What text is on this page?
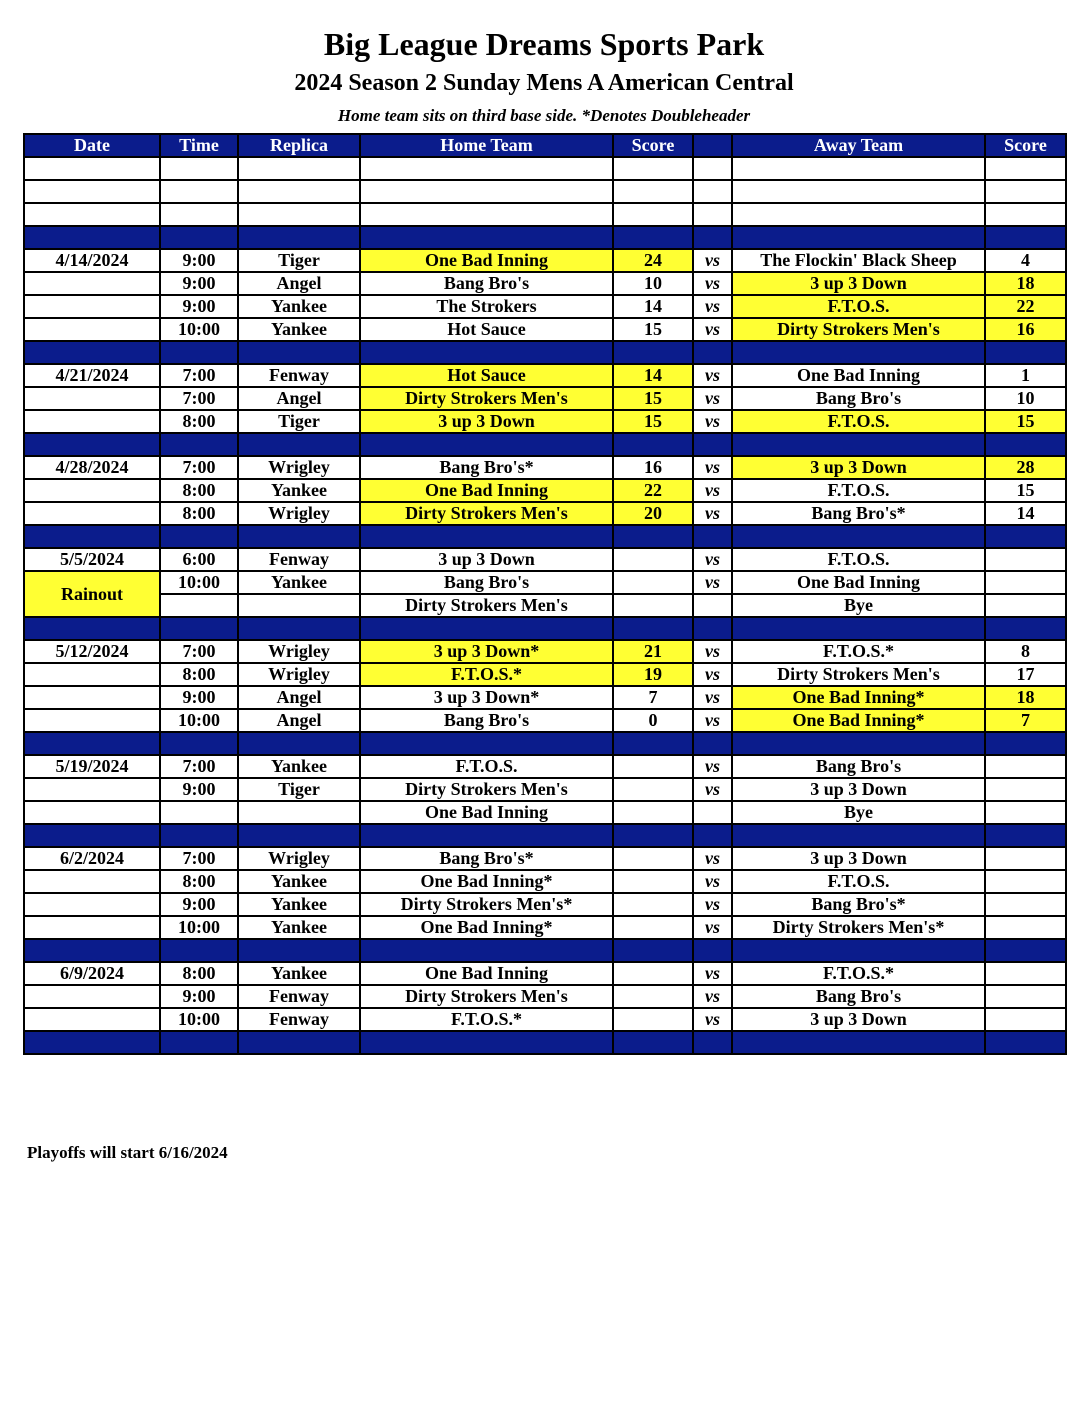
Big League Dreams Sports Park
2024 Season 2 Sunday Mens A American Central
Home team sits on third base side. *Denotes Doubleheader
Date	Time	Replica	Home Team	Score		Away Team	Score

4/14/2024	9:00	Tiger	One Bad Inning	24	vs	The Flockin' Black Sheep	4
	9:00	Angel	Bang Bro's	10	vs	3 up 3 Down	18
	9:00	Yankee	The Strokers	14	vs	F.T.O.S.	22
	10:00	Yankee	Hot Sauce	15	vs	Dirty Strokers Men's	16

4/21/2024	7:00	Fenway	Hot Sauce	14	vs	One Bad Inning	1
	7:00	Angel	Dirty Strokers Men's	15	vs	Bang Bro's	10
	8:00	Tiger	3 up 3 Down	15	vs	F.T.O.S.	15

4/28/2024	7:00	Wrigley	Bang Bro's*	16	vs	3 up 3 Down	28
	8:00	Yankee	One Bad Inning	22	vs	F.T.O.S.	15
	8:00	Wrigley	Dirty Strokers Men's	20	vs	Bang Bro's*	14

5/5/2024	6:00	Fenway	3 up 3 Down		vs	F.T.O.S.	
Rainout	10:00	Yankee	Bang Bro's		vs	One Bad Inning	
			Dirty Strokers Men's			Bye	

5/12/2024	7:00	Wrigley	3 up 3 Down*	21	vs	F.T.O.S.*	8
	8:00	Wrigley	F.T.O.S.*	19	vs	Dirty Strokers Men's	17
	9:00	Angel	3 up 3 Down*	7	vs	One Bad Inning*	18
	10:00	Angel	Bang Bro's	0	vs	One Bad Inning*	7

5/19/2024	7:00	Yankee	F.T.O.S.		vs	Bang Bro's	
	9:00	Tiger	Dirty Strokers Men's		vs	3 up 3 Down	
			One Bad Inning			Bye	

6/2/2024	7:00	Wrigley	Bang Bro's*		vs	3 up 3 Down	
	8:00	Yankee	One Bad Inning*		vs	F.T.O.S.	
	9:00	Yankee	Dirty Strokers Men's*		vs	Bang Bro's*	
	10:00	Yankee	One Bad Inning*		vs	Dirty Strokers Men's*	

6/9/2024	8:00	Yankee	One Bad Inning		vs	F.T.O.S.*	
	9:00	Fenway	Dirty Strokers Men's		vs	Bang Bro's	
	10:00	Fenway	F.T.O.S.*		vs	3 up 3 Down	

Playoffs will start 6/16/2024
